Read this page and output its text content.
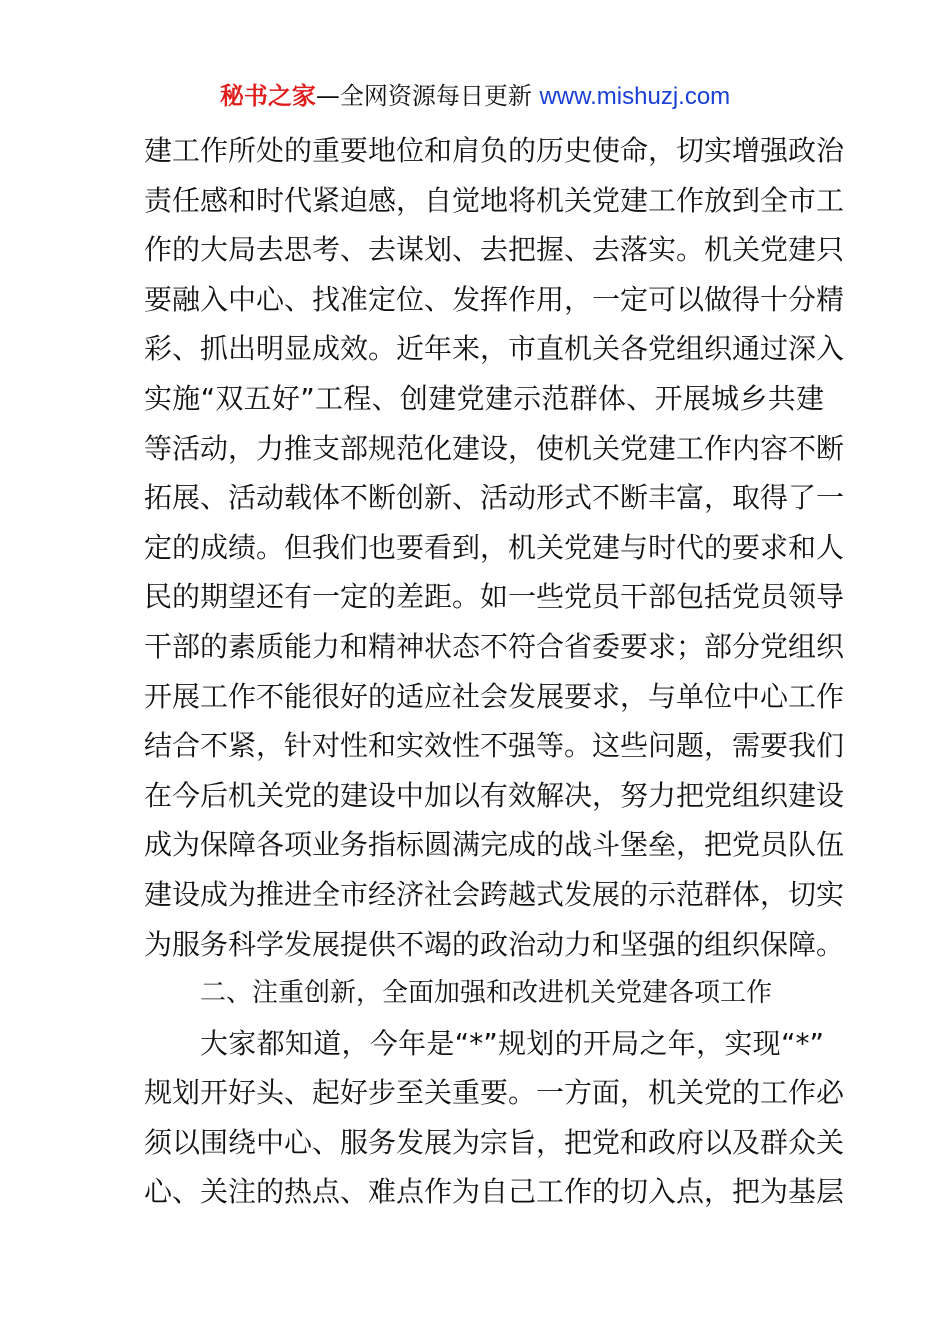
秘书之家—全网资源每日更新 www.mishuzj.com
建工作所处的重要地位和肩负的历史使命，切实增强政治
责任感和时代紧迫感，自觉地将机关党建工作放到全市工
作的大局去思考、去谋划、去把握、去落实。机关党建只
要融入中心、找准定位、发挥作用，一定可以做得十分精
彩、抓出明显成效。近年来，市直机关各党组织通过深入
实施“双五好”工程、创建党建示范群体、开展城乡共建
等活动，力推支部规范化建设，使机关党建工作内容不断
拓展、活动载体不断创新、活动形式不断丰富，取得了一
定的成绩。但我们也要看到，机关党建与时代的要求和人
民的期望还有一定的差距。如一些党员干部包括党员领导
干部的素质能力和精神状态不符合省委要求；部分党组织
开展工作不能很好的适应社会发展要求，与单位中心工作
结合不紧，针对性和实效性不强等。这些问题，需要我们
在今后机关党的建设中加以有效解决，努力把党组织建设
成为保障各项业务指标圆满完成的战斗堡垒，把党员队伍
建设成为推进全市经济社会跨越式发展的示范群体，切实
为服务科学发展提供不竭的政治动力和坚强的组织保障。
二、注重创新，全面加强和改进机关党建各项工作
大家都知道，今年是“*”规划的开局之年，实现“*”
规划开好头、起好步至关重要。一方面，机关党的工作必
须以围绕中心、服务发展为宗旨，把党和政府以及群众关
心、关注的热点、难点作为自己工作的切入点，把为基层
